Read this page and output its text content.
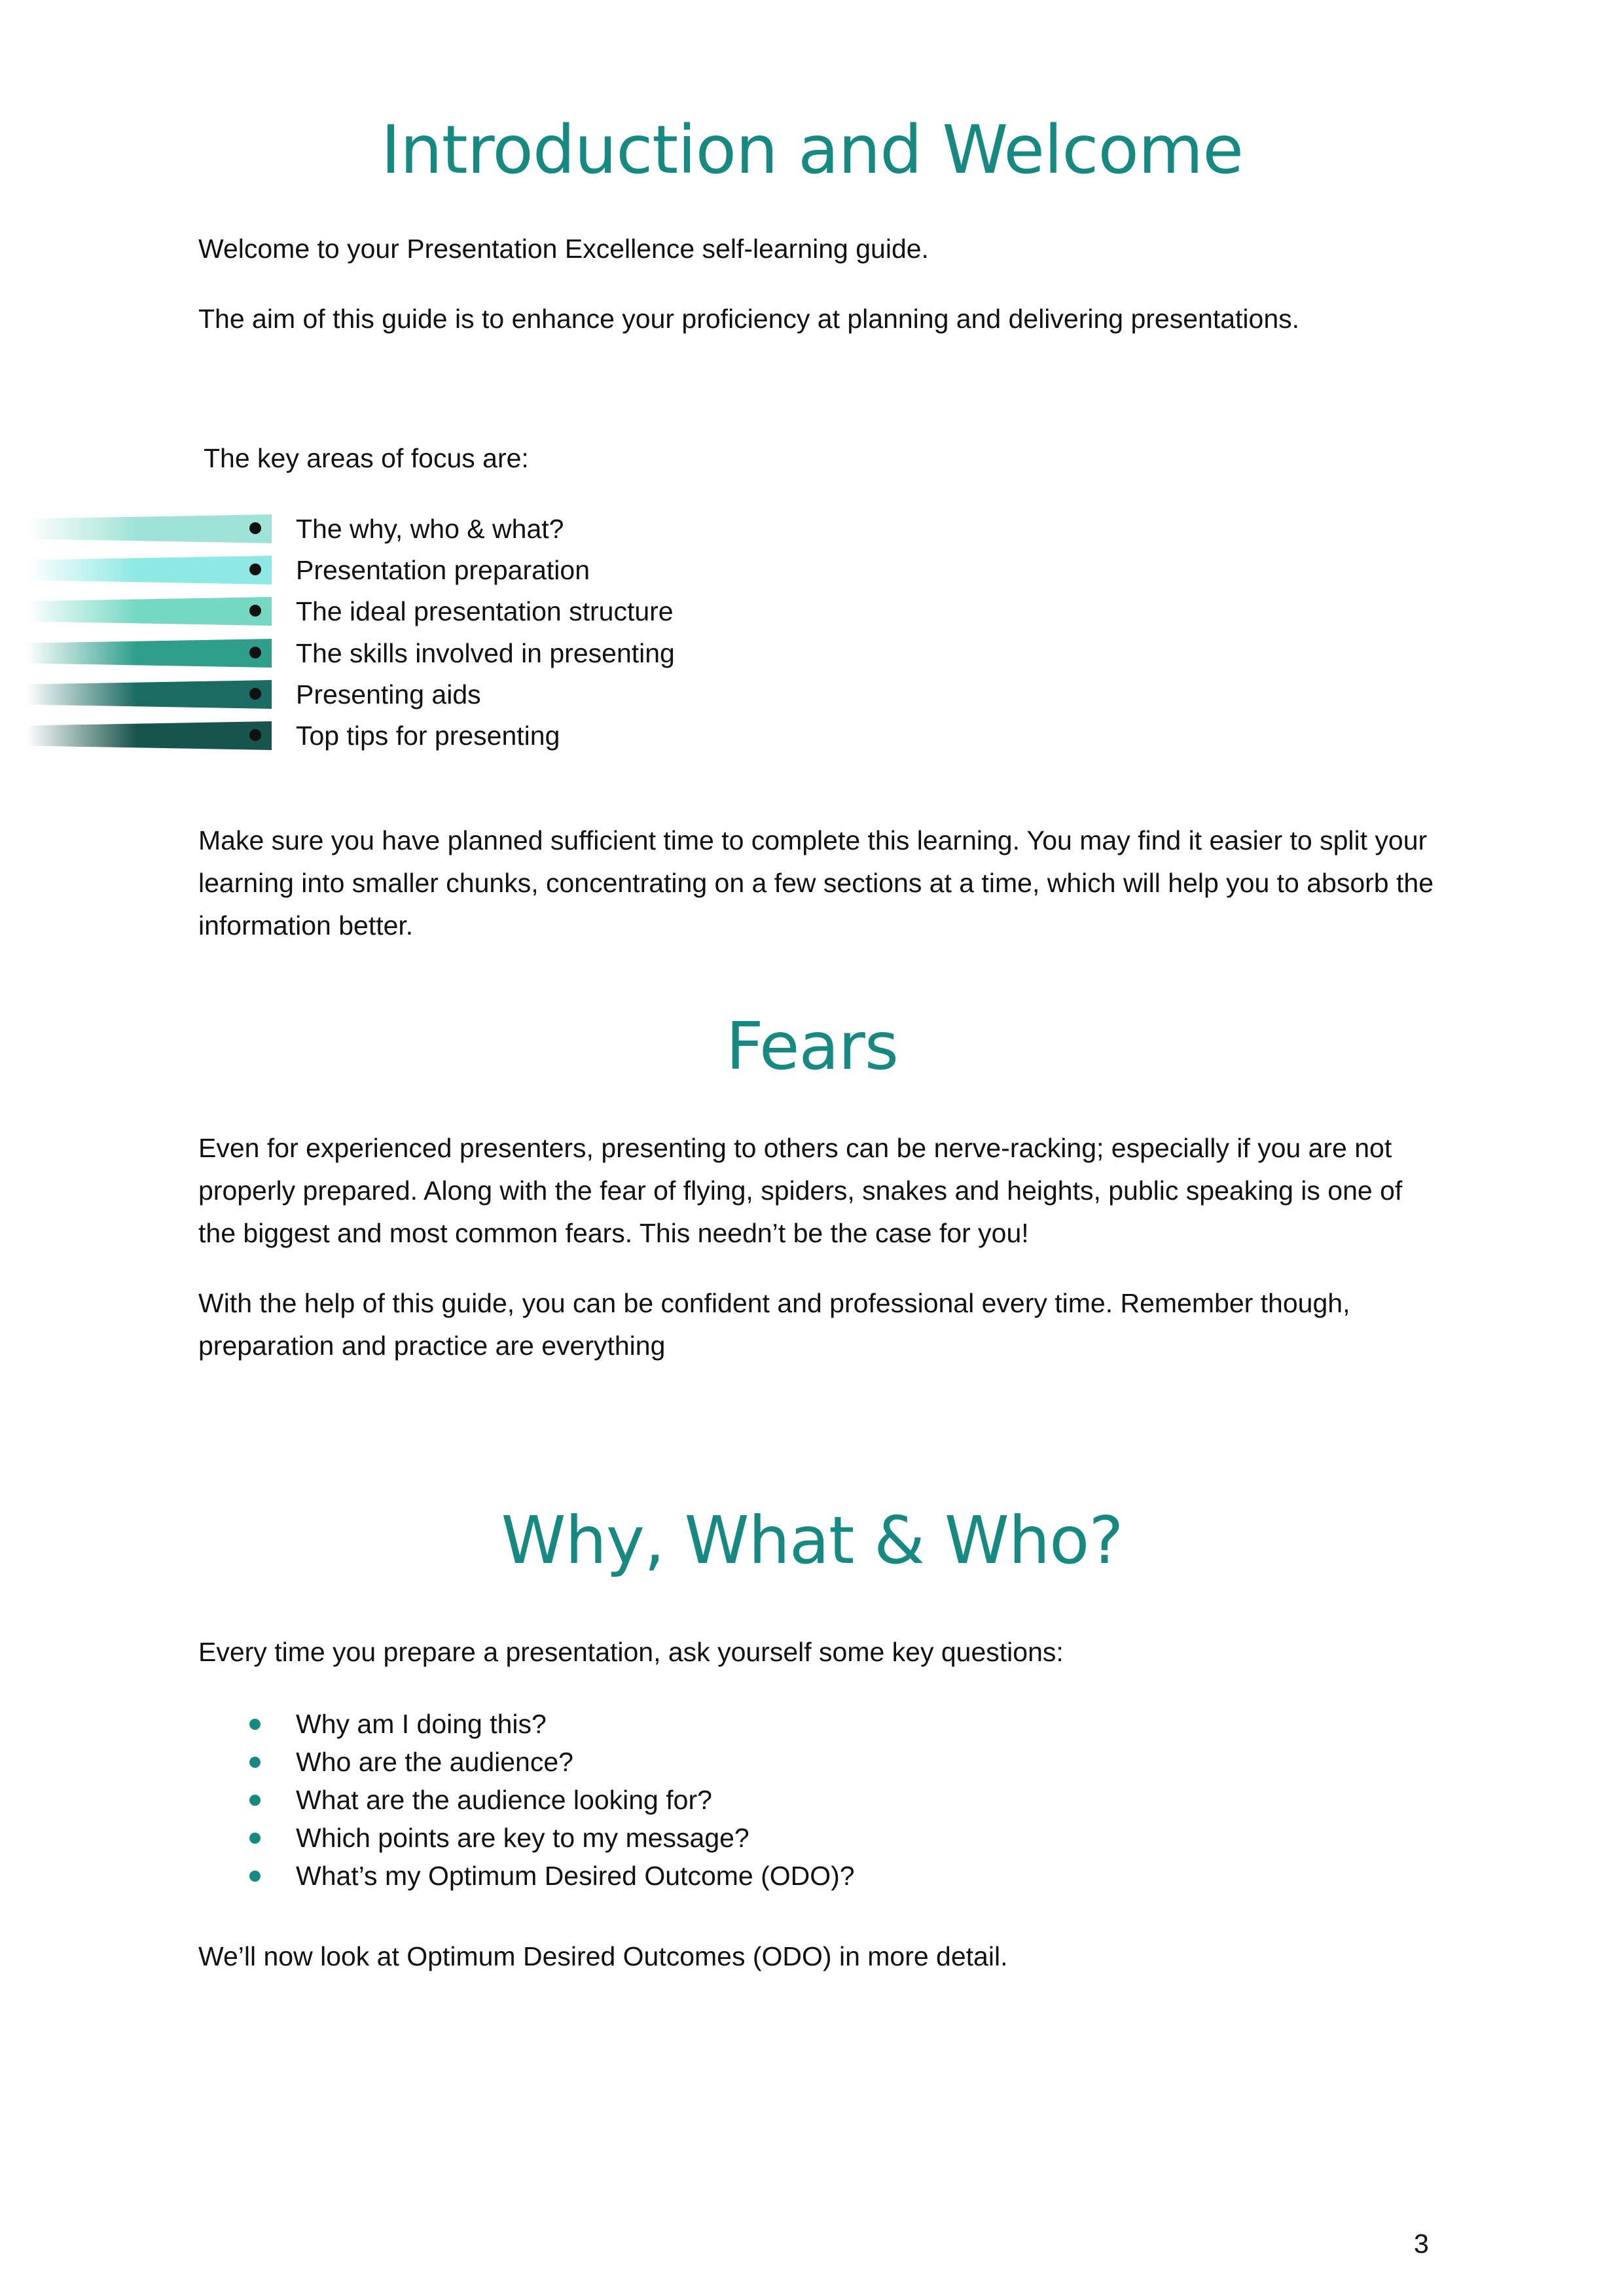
Introduction and Welcome

Welcome to your Presentation Excellence self-learning guide.

The aim of this guide is to enhance your proficiency at planning and delivering presentations.

The key areas of focus are:

The why, who & what?
Presentation preparation
The ideal presentation structure
The skills involved in presenting
Presenting aids
Top tips for presenting

Make sure you have planned sufficient time to complete this learning. You may find it easier to split your learning into smaller chunks, concentrating on a few sections at a time, which will help you to absorb the information better.

Fears

Even for experienced presenters, presenting to others can be nerve-racking; especially if you are not properly prepared. Along with the fear of flying, spiders, snakes and heights, public speaking is one of the biggest and most common fears. This needn’t be the case for you!

With the help of this guide, you can be confident and professional every time. Remember though, preparation and practice are everything

Why, What & Who?

Every time you prepare a presentation, ask yourself some key questions:

Why am I doing this?
Who are the audience?
What are the audience looking for?
Which points are key to my message?
What’s my Optimum Desired Outcome (ODO)?

We’ll now look at Optimum Desired Outcomes (ODO) in more detail.

3
